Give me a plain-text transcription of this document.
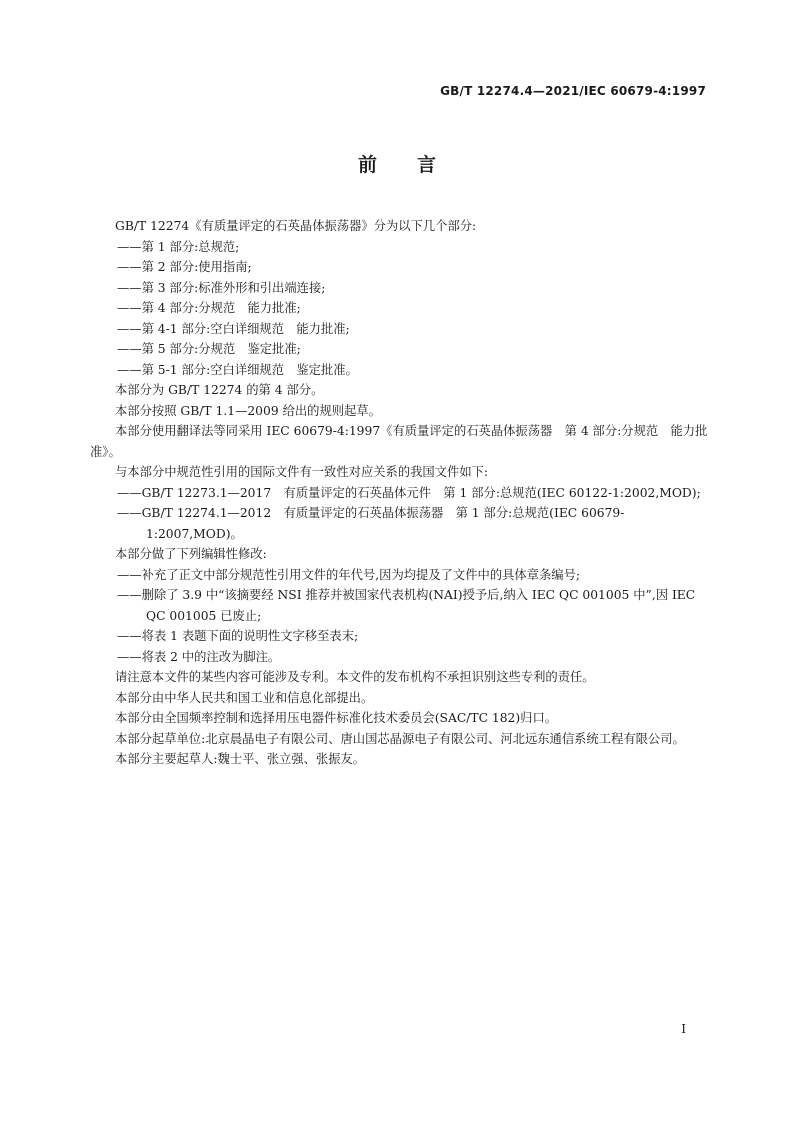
GB/T 12274.4—2021/IEC 60679-4:1997
前言

GB/T 12274《有质量评定的石英晶体振荡器》分为以下几个部分:

——第 1 部分:总规范;

——第 2 部分:使用指南;

——第 3 部分:标准外形和引出端连接;

——第 4 部分:分规范　能力批准;

——第 4-1 部分:空白详细规范　能力批准;

——第 5 部分:分规范　鉴定批准;

——第 5-1 部分:空白详细规范　鉴定批准。

本部分为 GB/T 12274 的第 4 部分。

本部分按照 GB/T 1.1—2009 给出的规则起草。

本部分使用翻译法等同采用 IEC 60679-4:1997《有质量评定的石英晶体振荡器　第 4 部分:分规范　能力批准》。

与本部分中规范性引用的国际文件有一致性对应关系的我国文件如下:

——GB/T 12273.1—2017　有质量评定的石英晶体元件　第 1 部分:总规范(IEC 60122-1:2002,MOD);

——GB/T 12274.1—2012　有质量评定的石英晶体振荡器　第 1 部分:总规范(IEC 60679-1:2007,MOD)。

本部分做了下列编辑性修改:

——补充了正文中部分规范性引用文件的年代号,因为均提及了文件中的具体章条编号;

——删除了 3.9 中“该摘要经 NSI 推荐并被国家代表机构(NAI)授予后,纳入 IEC QC 001005 中”,因 IEC QC 001005 已废止;

——将表 1 表题下面的说明性文字移至表末;

——将表 2 中的注改为脚注。

请注意本文件的某些内容可能涉及专利。本文件的发布机构不承担识别这些专利的责任。

本部分由中华人民共和国工业和信息化部提出。

本部分由全国频率控制和选择用压电器件标准化技术委员会(SAC/TC 182)归口。

本部分起草单位:北京晨晶电子有限公司、唐山国芯晶源电子有限公司、河北远东通信系统工程有限公司。

本部分主要起草人:魏士平、张立强、张振友。

I
